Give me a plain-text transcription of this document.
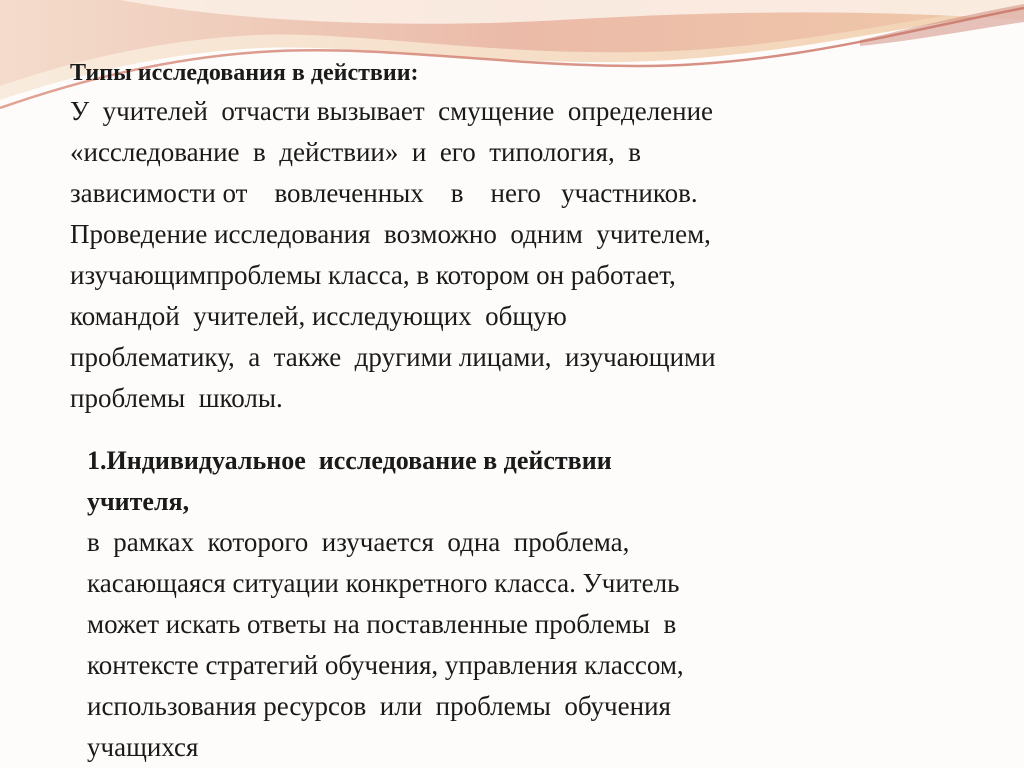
Типы исследования в действии:
У  учителей  отчасти вызывает  смущение  определение
«исследование  в  действии»  и  его  типология,  в
зависимости от    вовлеченных    в    него   участников.
Проведение исследования  возможно  одним  учителем,
изучающимпроблемы класса, в котором он работает,
командой  учителей, исследующих  общую
проблематику,  а  также  другими лицами,  изучающими
проблемы  школы.
1.Индивидуальное  исследование в действии
учителя,
в  рамках  которого  изучается  одна  проблема,
касающаяся ситуации конкретного класса. Учитель
может искать ответы на поставленные проблемы  в
контексте стратегий обучения, управления классом,
использования ресурсов  или  проблемы  обучения
учащихся
